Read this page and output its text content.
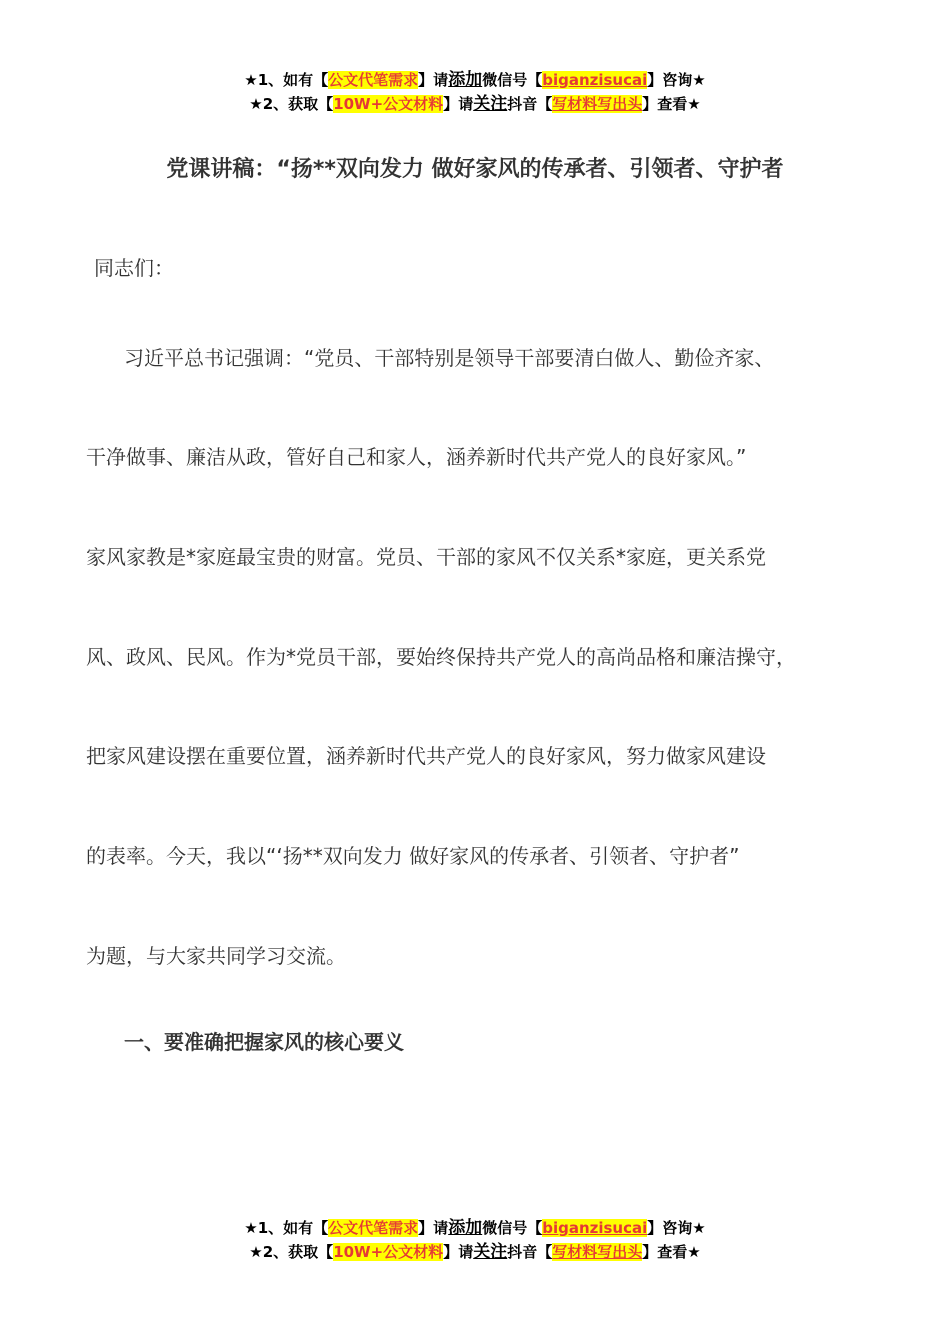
★1、如有【公文代笔需求】请添加微信号【biganzisucai】咨询★
★2、获取【10W+公文材料】请关注抖音【写材料写出头】查看★
党课讲稿：“扬**双向发力 做好家风的传承者、引领者、守护者
同志们：
习近平总书记强调：“党员、干部特别是领导干部要清白做人、勤俭齐家、
干净做事、廉洁从政，管好自己和家人，涵养新时代共产党人的良好家风。”
家风家教是*家庭最宝贵的财富。党员、干部的家风不仅关系*家庭，更关系党
风、政风、民风。作为*党员干部，要始终保持共产党人的高尚品格和廉洁操守，
把家风建设摆在重要位置，涵养新时代共产党人的良好家风，努力做家风建设
的表率。今天，我以“‘扬**双向发力 做好家风的传承者、引领者、守护者”
为题，与大家共同学习交流。
一、要准确把握家风的核心要义
★1、如有【公文代笔需求】请添加微信号【biganzisucai】咨询★
★2、获取【10W+公文材料】请关注抖音【写材料写出头】查看★
